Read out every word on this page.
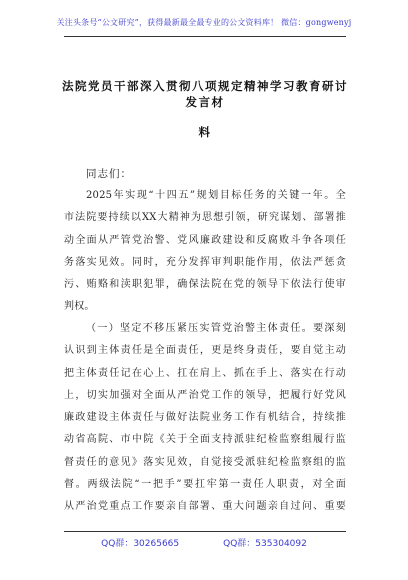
关注头条号“公文研究”，获得最新最全最专业的公文资料库！ 微信：gongwenyj
法院党员干部深入贯彻八项规定精神学习教育研讨发言材
料
同志们：
2025年实现“十四五”规划目标任务的关键一年。全
市法院要持续以XX大精神为思想引领，研究谋划、部署推
动全面从严管党治警、党风廉政建设和反腐败斗争各项任
务落实见效。同时，充分发挥审判职能作用，依法严惩贪
污、贿赂和渎职犯罪，确保法院在党的领导下依法行使审
判权。
（一）坚定不移压紧压实管党治警主体责任。要深刻
认识到主体责任是全面责任，更是终身责任，要自觉主动
把主体责任记在心上、扛在肩上、抓在手上、落实在行动
上，切实加强对全面从严治党工作的领导，把履行好党风
廉政建设主体责任与做好法院业务工作有机结合，持续推
动省高院、市中院《关于全面支持派驻纪检监察组履行监
督责任的意见》落实见效，自觉接受派驻纪检监察组的监
督。两级法院“一把手”要扛牢第一责任人职责，对全面
从严治党重点工作要亲自部署、重大问题亲自过问、重要
QQ群：30265665	QQ群：535304092
